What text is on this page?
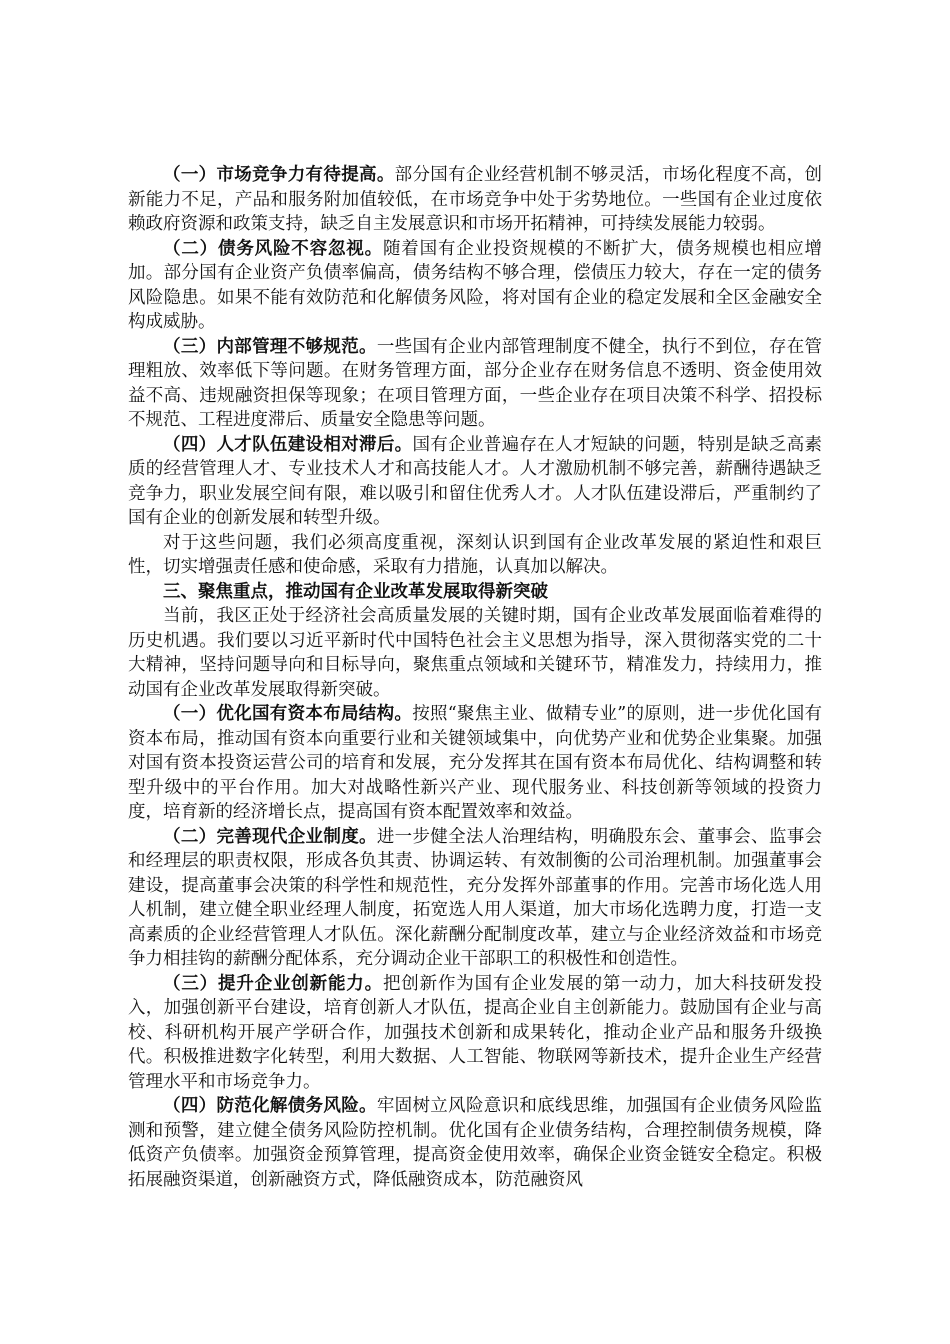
（一）市场竞争力有待提高。部分国有企业经营机制不够灵活，市场化程度不高，创新能力不足，产品和服务附加值较低，在市场竞争中处于劣势地位。一些国有企业过度依赖政府资源和政策支持，缺乏自主发展意识和市场开拓精神，可持续发展能力较弱。

（二）债务风险不容忽视。随着国有企业投资规模的不断扩大，债务规模也相应增加。部分国有企业资产负债率偏高，债务结构不够合理，偿债压力较大，存在一定的债务风险隐患。如果不能有效防范和化解债务风险，将对国有企业的稳定发展和全区金融安全构成威胁。

（三）内部管理不够规范。一些国有企业内部管理制度不健全，执行不到位，存在管理粗放、效率低下等问题。在财务管理方面，部分企业存在财务信息不透明、资金使用效益不高、违规融资担保等现象；在项目管理方面，一些企业存在项目决策不科学、招投标不规范、工程进度滞后、质量安全隐患等问题。

（四）人才队伍建设相对滞后。国有企业普遍存在人才短缺的问题，特别是缺乏高素质的经营管理人才、专业技术人才和高技能人才。人才激励机制不够完善，薪酬待遇缺乏竞争力，职业发展空间有限，难以吸引和留住优秀人才。人才队伍建设滞后，严重制约了国有企业的创新发展和转型升级。

对于这些问题，我们必须高度重视，深刻认识到国有企业改革发展的紧迫性和艰巨性，切实增强责任感和使命感，采取有力措施，认真加以解决。

三、聚焦重点，推动国有企业改革发展取得新突破

当前，我区正处于经济社会高质量发展的关键时期，国有企业改革发展面临着难得的历史机遇。我们要以习近平新时代中国特色社会主义思想为指导，深入贯彻落实党的二十大精神，坚持问题导向和目标导向，聚焦重点领域和关键环节，精准发力，持续用力，推动国有企业改革发展取得新突破。

（一）优化国有资本布局结构。按照“聚焦主业、做精专业”的原则，进一步优化国有资本布局，推动国有资本向重要行业和关键领域集中，向优势产业和优势企业集聚。加强对国有资本投资运营公司的培育和发展，充分发挥其在国有资本布局优化、结构调整和转型升级中的平台作用。加大对战略性新兴产业、现代服务业、科技创新等领域的投资力度，培育新的经济增长点，提高国有资本配置效率和效益。

（二）完善现代企业制度。进一步健全法人治理结构，明确股东会、董事会、监事会和经理层的职责权限，形成各负其责、协调运转、有效制衡的公司治理机制。加强董事会建设，提高董事会决策的科学性和规范性，充分发挥外部董事的作用。完善市场化选人用人机制，建立健全职业经理人制度，拓宽选人用人渠道，加大市场化选聘力度，打造一支高素质的企业经营管理人才队伍。深化薪酬分配制度改革，建立与企业经济效益和市场竞争力相挂钩的薪酬分配体系，充分调动企业干部职工的积极性和创造性。

（三）提升企业创新能力。把创新作为国有企业发展的第一动力，加大科技研发投入，加强创新平台建设，培育创新人才队伍，提高企业自主创新能力。鼓励国有企业与高校、科研机构开展产学研合作，加强技术创新和成果转化，推动企业产品和服务升级换代。积极推进数字化转型，利用大数据、人工智能、物联网等新技术，提升企业生产经营管理水平和市场竞争力。

（四）防范化解债务风险。牢固树立风险意识和底线思维，加强国有企业债务风险监测和预警，建立健全债务风险防控机制。优化国有企业债务结构，合理控制债务规模，降低资产负债率。加强资金预算管理，提高资金使用效率，确保企业资金链安全稳定。积极拓展融资渠道，创新融资方式，降低融资成本，防范融资风
